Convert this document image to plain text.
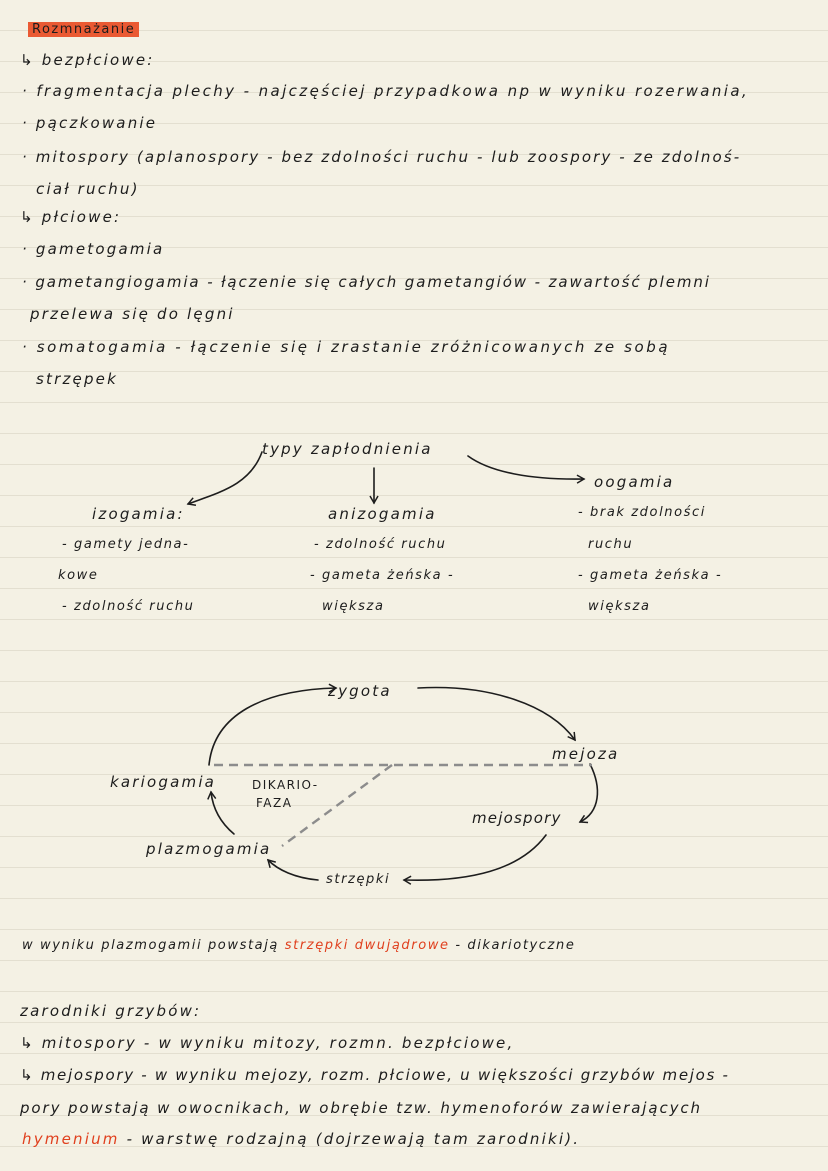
Rozmnażanie
↳ bezpłciowe:
· fragmentacja plechy - najczęściej przypadkowa np w wyniku rozerwania,
· pączkowanie
· mitospory (aplanospory - bez zdolności ruchu - lub zoospory - ze zdolnoś-
ciał ruchu)
↳ płciowe:
· gametogamia
· gametangiogamia - łączenie się całych gametangiów - zawartość plemni
przelewa się do lęgni
· somatogamia - łączenie się i zrastanie zróżnicowanych ze sobą
strzępek
typy zapłodnienia
izogamia:
- gamety jedna-
kowe
- zdolność ruchu
anizogamia
- zdolność ruchu
- gameta żeńska -
większa
oogamia
- brak zdolności
ruchu
- gameta żeńska -
większa
zygota
mejoza
kariogamia	DIKARIO-
FAZA
mejospory
plazmogamia
strzępki
w wyniku plazmogamii powstają strzępki dwujądrowe - dikariotyczne
zarodniki grzybów:
↳ mitospory - w wyniku mitozy, rozmn. bezpłciowe,
↳ mejospory - w wyniku mejozy, rozm. płciowe, u większości grzybów mejos -
pory powstają w owocnikach, w obrębie tzw. hymenoforów zawierających
hymenium - warstwę rodzajną (dojrzewają tam zarodniki).
